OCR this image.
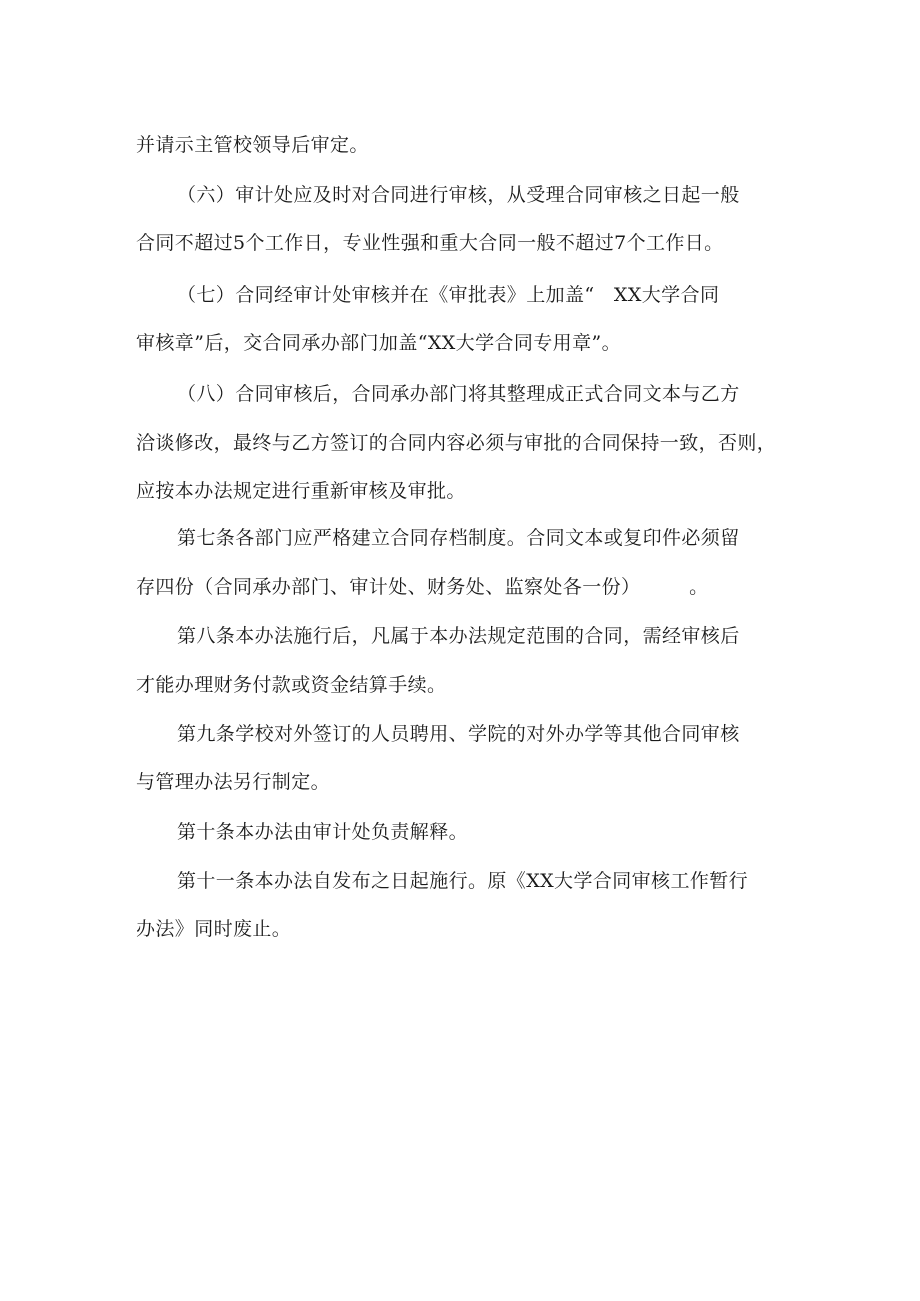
并请示主管校领导后审定。
（六）审计处应及时对合同进行审核，从受理合同审核之日起一般
合同不超过5个工作日，专业性强和重大合同一般不超过7个工作日。
（七）合同经审计处审核并在《审批表》上加盖“　XX大学合同
审核章”后，交合同承办部门加盖“XX大学合同专用章”。
（八）合同审核后，合同承办部门将其整理成正式合同文本与乙方
洽谈修改，最终与乙方签订的合同内容必须与审批的合同保持一致，否则，
应按本办法规定进行重新审核及审批。
第七条各部门应严格建立合同存档制度。合同文本或复印件必须留
存四份（合同承办部门、审计处、财务处、监察处各一份）　　　。
第八条本办法施行后，凡属于本办法规定范围的合同，需经审核后
才能办理财务付款或资金结算手续。
第九条学校对外签订的人员聘用、学院的对外办学等其他合同审核
与管理办法另行制定。
第十条本办法由审计处负责解释。
第十一条本办法自发布之日起施行。原《XX大学合同审核工作暂行
办法》同时废止。
